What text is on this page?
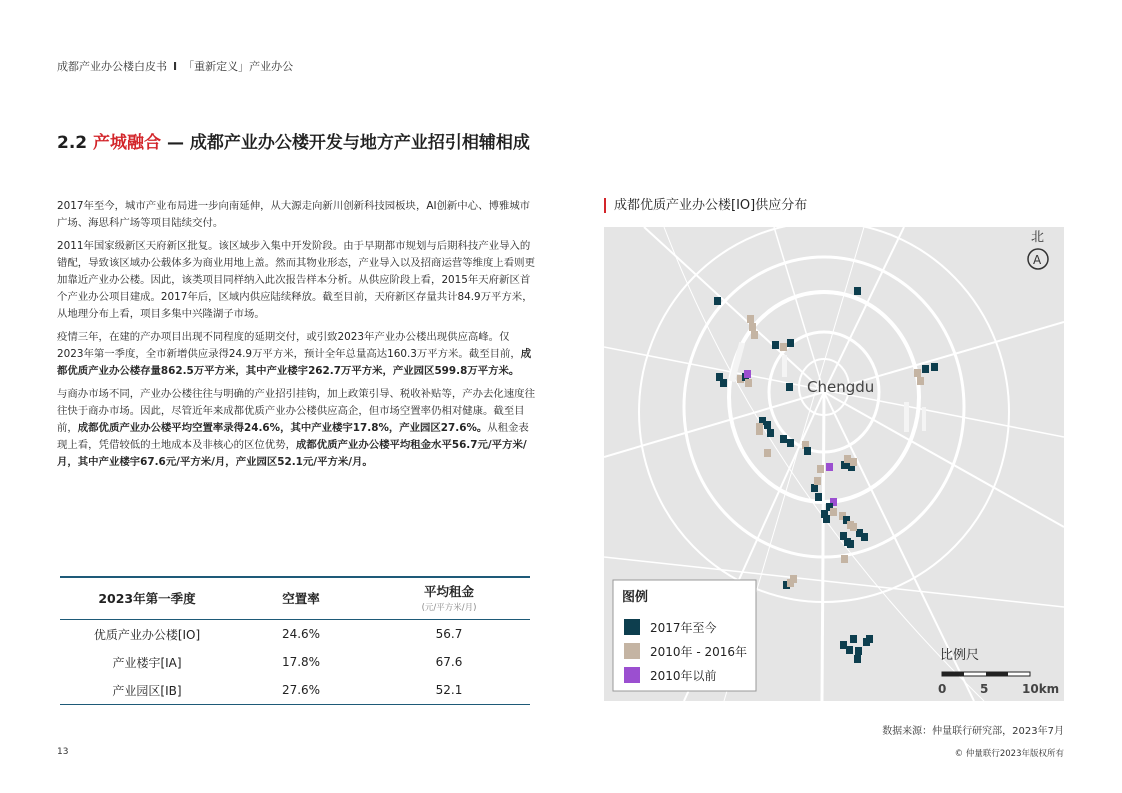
成都产业办公楼白皮书 I 「重新定义」产业办公
2.2 产城融合 — 成都产业办公楼开发与地方产业招引相辅相成

2017年至今，城市产业布局进一步向南延伸，从大源走向新川创新科技园板块，AI创新中心、博雅城市广场、海思科广场等项目陆续交付。

2011年国家级新区天府新区批复。该区域步入集中开发阶段。由于早期都市规划与后期科技产业导入的错配，导致该区域办公载体多为商业用地上盖。然而其物业形态，产业导入以及招商运营等维度上看则更加靠近产业办公楼。因此，该类项目同样纳入此次报告样本分析。从供应阶段上看，2015年天府新区首个产业办公项目建成。2017年后，区域内供应陆续释放。截至目前，天府新区存量共计84.9万平方米，从地理分布上看，项目多集中兴隆湖子市场。

疫情三年，在建的产办项目出现不同程度的延期交付，或引致2023年产业办公楼出现供应高峰。仅2023年第一季度，全市新增供应录得24.9万平方米，预计全年总量高达160.3万平方米。截至目前，成都优质产业办公楼存量862.5万平方米，其中产业楼宇262.7万平方米，产业园区599.8万平方米。

与商办市场不同，产业办公楼往往与明确的产业招引挂钩，加上政策引导、税收补贴等，产办去化速度往往快于商办市场。因此，尽管近年来成都优质产业办公楼供应高企，但市场空置率仍相对健康。截至目前，成都优质产业办公楼平均空置率录得24.6%，其中产业楼宇17.8%，产业园区27.6%。从租金表现上看，凭借较低的土地成本及非核心的区位优势，成都优质产业办公楼平均租金水平56.7元/平方米/月，其中产业楼宇67.6元/平方米/月，产业园区52.1元/平方米/月。

2023年第一季度	空置率	平均租金
(元/平方米/月)

优质产业办公楼[IO]	24.6%	56.7
产业楼宇[IA]	17.8%	67.6
产业园区[IB]	27.6%	52.1
成都优质产业办公楼[IO]供应分布
Chengdu
北
A
图例
2017年至今
2010年 - 2016年
2010年以前
比例尺
0	5	10km
数据来源：仲量联行研究部，2023年7月
© 仲量联行2023年版权所有
13
